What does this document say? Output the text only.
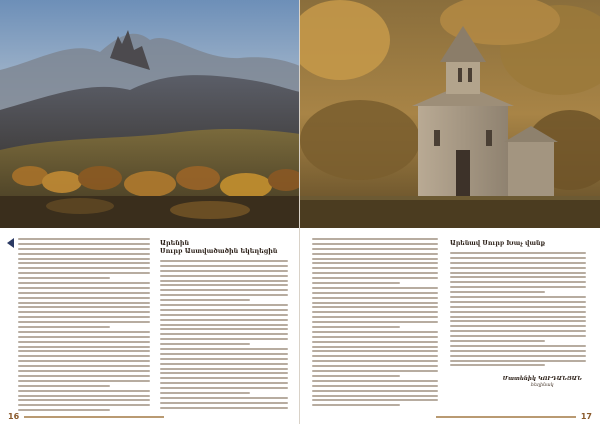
Արենին
Սուրբ Աստվածածին եկեղեցին
16
Արենավ Սուրբ Խաչ վանք
Մատենիկ ԿՈՒԴԱՆՅԱՆ
հեղինակ
17
